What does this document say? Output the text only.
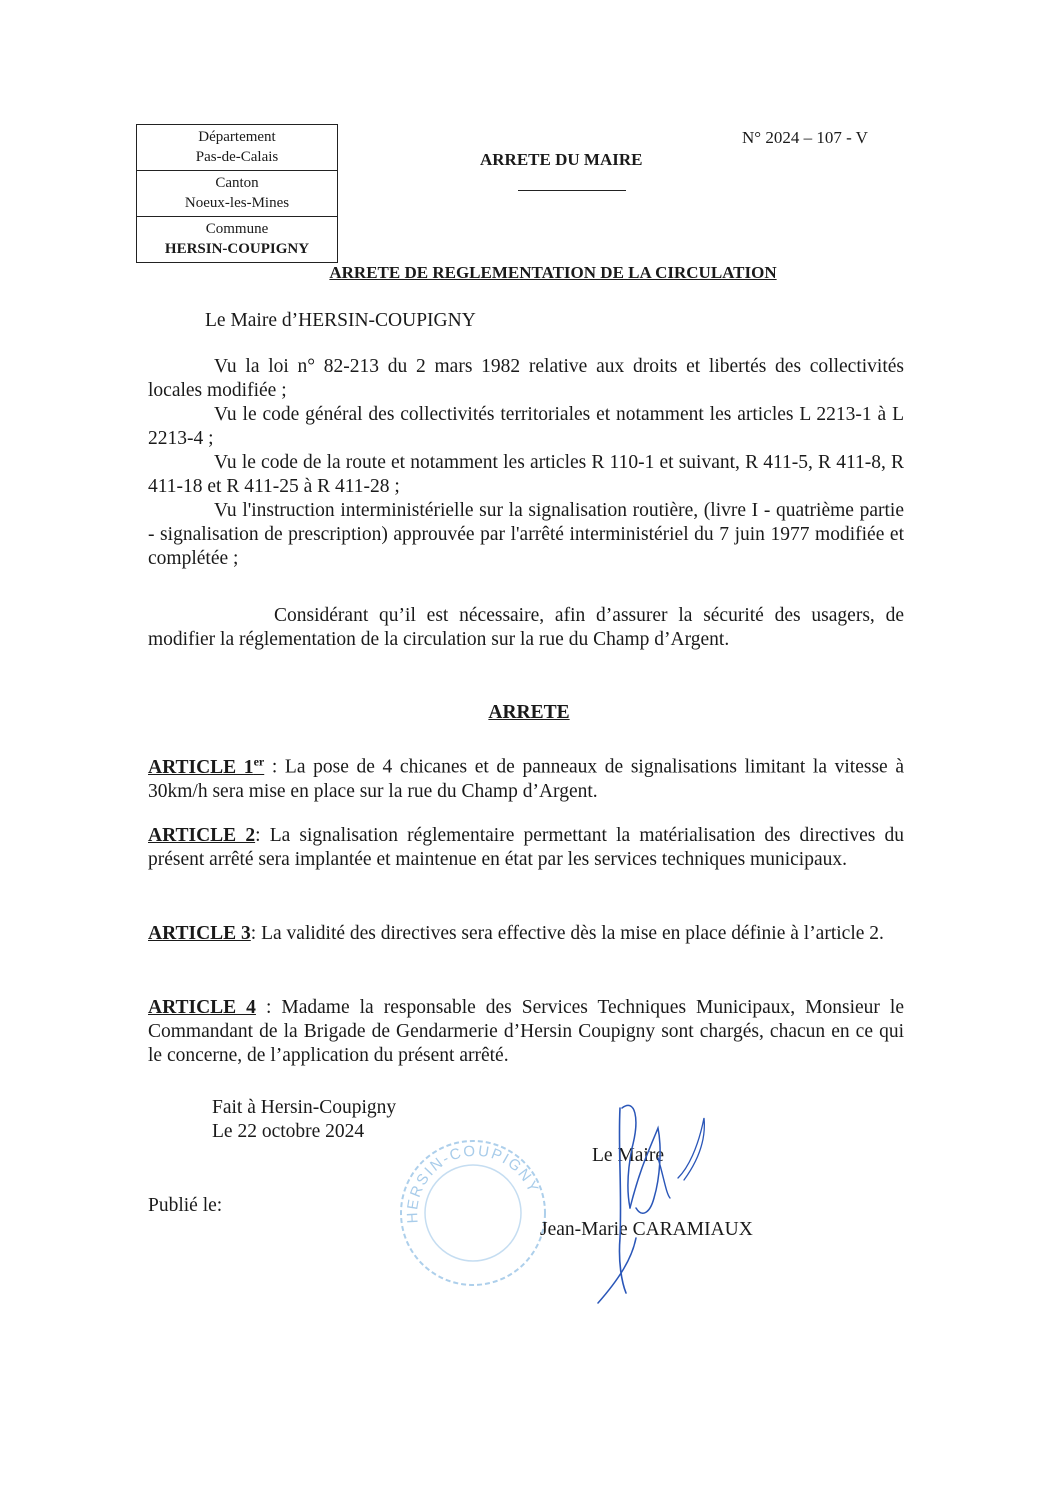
Département
Pas-de-Calais
Canton
Noeux-les-Mines
Commune
HERSIN-COUPIGNY
N° 2024 – 107 - V
ARRETE DU MAIRE
ARRETE DE REGLEMENTATION DE LA CIRCULATION
Le Maire d’HERSIN-COUPIGNY
Vu la loi n° 82-213 du 2 mars 1982 relative aux droits et libertés des collectivités locales modifiée ;
Vu le code général des collectivités territoriales et notamment les articles L 2213-1 à L 2213-4 ;
Vu le code de la route et notamment les articles R 110-1 et suivant, R 411-5, R 411-8, R 411-18 et R 411-25 à R 411-28 ;
Vu l'instruction interministérielle sur la signalisation routière, (livre I - quatrième partie - signalisation de prescription) approuvée par l'arrêté interministériel du 7 juin 1977 modifiée et complétée ;
Considérant qu’il est nécessaire, afin d’assurer la sécurité des usagers, de modifier la réglementation de la circulation sur la rue du Champ d’Argent.
ARRETE
ARTICLE 1er : La pose de 4 chicanes et de panneaux de signalisations limitant la vitesse à 30km/h sera mise en place sur la rue du Champ d’Argent.
ARTICLE 2: La signalisation réglementaire permettant la matérialisation des directives du présent arrêté sera implantée et maintenue en état par les services techniques municipaux.
ARTICLE 3: La validité des directives sera effective dès la mise en place définie à l’article 2.
ARTICLE 4 : Madame la responsable des Services Techniques Municipaux, Monsieur le Commandant de la Brigade de Gendarmerie d’Hersin Coupigny sont chargés, chacun en ce qui le concerne, de l’application du présent arrêté.
Fait à Hersin-Coupigny
Le 22 octobre 2024
Publié le:
HERSIN-COUPIGNY
Le Maire
Jean-Marie CARAMIAUX
